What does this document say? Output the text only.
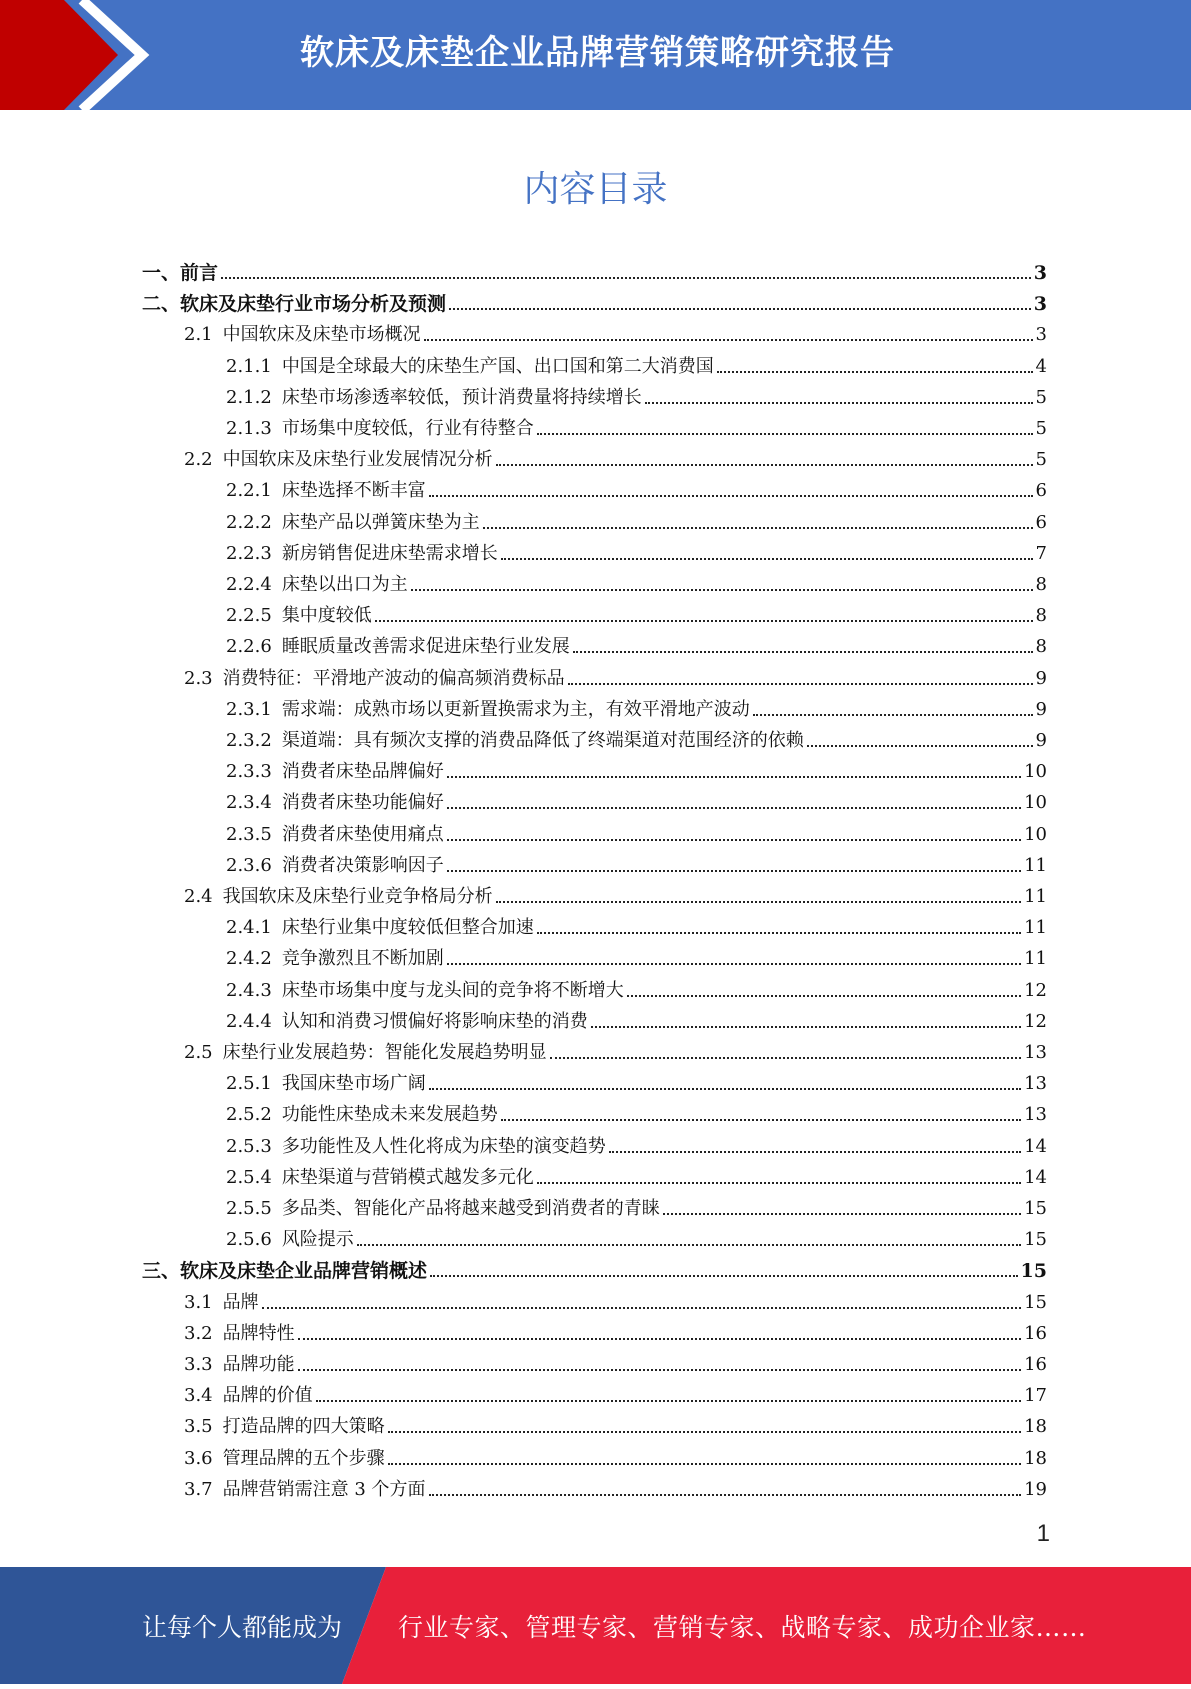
软床及床垫企业品牌营销策略研究报告
内容目录
一、 前言	3
二、 软床及床垫行业市场分析及预测	3
2.1 中国软床及床垫市场概况	3
2.1.1 中国是全球最大的床垫生产国、出口国和第二大消费国	4
2.1.2 床垫市场渗透率较低，预计消费量将持续增长	5
2.1.3 市场集中度较低，行业有待整合	5
2.2 中国软床及床垫行业发展情况分析	5
2.2.1 床垫选择不断丰富	6
2.2.2 床垫产品以弹簧床垫为主	6
2.2.3 新房销售促进床垫需求增长	7
2.2.4 床垫以出口为主	8
2.2.5 集中度较低	8
2.2.6 睡眠质量改善需求促进床垫行业发展	8
2.3 消费特征：平滑地产波动的偏高频消费标品	9
2.3.1 需求端：成熟市场以更新置换需求为主，有效平滑地产波动	9
2.3.2 渠道端：具有频次支撑的消费品降低了终端渠道对范围经济的依赖	9
2.3.3 消费者床垫品牌偏好	10
2.3.4 消费者床垫功能偏好	10
2.3.5 消费者床垫使用痛点	10
2.3.6 消费者决策影响因子	11
2.4 我国软床及床垫行业竞争格局分析	11
2.4.1 床垫行业集中度较低但整合加速	11
2.4.2 竞争激烈且不断加剧	11
2.4.3 床垫市场集中度与龙头间的竞争将不断增大	12
2.4.4 认知和消费习惯偏好将影响床垫的消费	12
2.5 床垫行业发展趋势：智能化发展趋势明显	13
2.5.1 我国床垫市场广阔	13
2.5.2 功能性床垫成未来发展趋势	13
2.5.3 多功能性及人性化将成为床垫的演变趋势	14
2.5.4 床垫渠道与营销模式越发多元化	14
2.5.5 多品类、智能化产品将越来越受到消费者的青睐	15
2.5.6 风险提示	15
三、 软床及床垫企业品牌营销概述	15
3.1 品牌	15
3.2 品牌特性	16
3.3 品牌功能	16
3.4 品牌的价值	17
3.5 打造品牌的四大策略	18
3.6 管理品牌的五个步骤	18
3.7 品牌营销需注意 3 个方面	19
1
让每个人都能成为 行业专家、管理专家、营销专家、战略专家、成功企业家……
